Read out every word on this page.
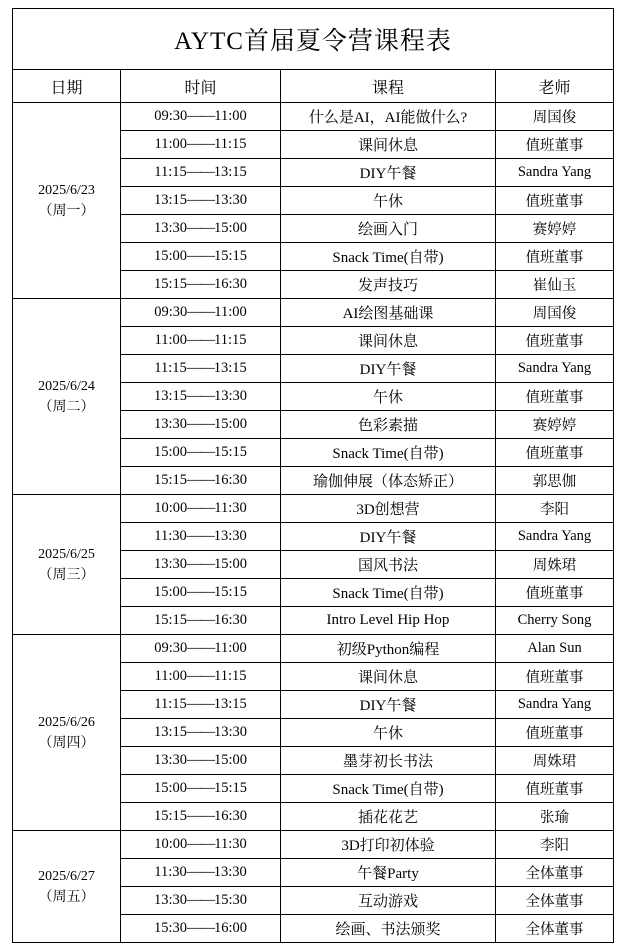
AYTC首届夏令营课程表			
日期	时间	课程	老师

2025/6/23
（周一）	09:30——11:00	什么是AI，AI能做什么?	周国俊
	11:00——11:15	课间休息	值班董事
	11:15——13:15	DIY午餐	Sandra Yang
	13:15——13:30	午休	值班董事
	13:30——15:00	绘画入门	赛婷婷
	15:00——15:15	Snack Time(自带)	值班董事
	15:15——16:30	发声技巧	崔仙玉

2025/6/24
（周二）	09:30——11:00	AI绘图基础课	周国俊
	11:00——11:15	课间休息	值班董事
	11:15——13:15	DIY午餐	Sandra Yang
	13:15——13:30	午休	值班董事
	13:30——15:00	色彩素描	赛婷婷
	15:00——15:15	Snack Time(自带)	值班董事
	15:15——16:30	瑜伽伸展（体态矫正）	郭思伽

2025/6/25
（周三）	10:00——11:30	3D创想营	李阳
	11:30——13:30	DIY午餐	Sandra Yang
	13:30——15:00	国风书法	周姝珺
	15:00——15:15	Snack Time(自带)	值班董事
	15:15——16:30	Intro Level Hip Hop	Cherry Song

2025/6/26
（周四）	09:30——11:00	初级Python编程	Alan Sun
	11:00——11:15	课间休息	值班董事
	11:15——13:15	DIY午餐	Sandra Yang
	13:15——13:30	午休	值班董事
	13:30——15:00	墨芽初长书法	周姝珺
	15:00——15:15	Snack Time(自带)	值班董事
	15:15——16:30	插花花艺	张瑜

2025/6/27
（周五）	10:00——11:30	3D打印初体验	李阳
	11:30——13:30	午餐Party	全体董事
	13:30——15:30	互动游戏	全体董事
	15:30——16:00	绘画、书法颁奖	全体董事
